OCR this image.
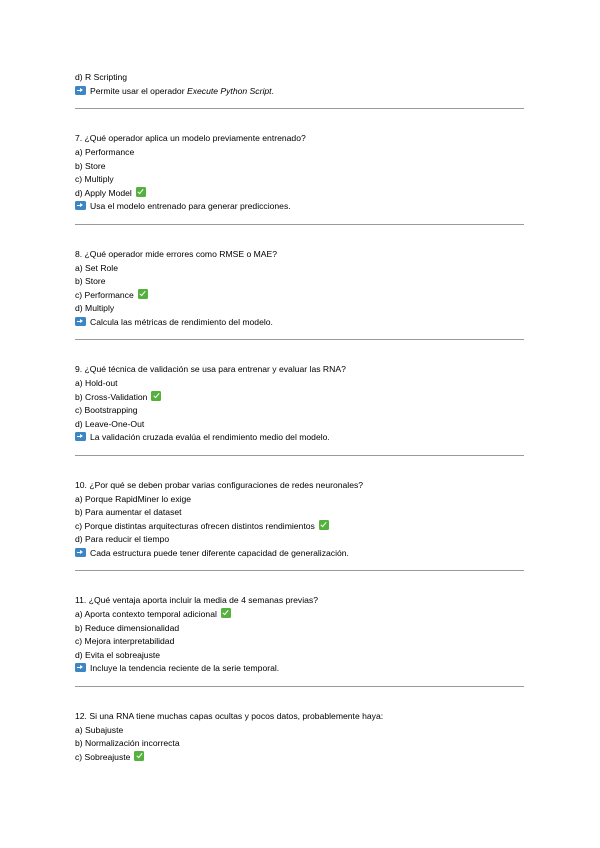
d) R Scripting
Permite usar el operador Execute Python Script.
7. ¿Qué operador aplica un modelo previamente entrenado?
a) Performance
b) Store
c) Multiply
d) Apply Model
Usa el modelo entrenado para generar predicciones.
8. ¿Qué operador mide errores como RMSE o MAE?
a) Set Role
b) Store
c) Performance
d) Multiply
Calcula las métricas de rendimiento del modelo.
9. ¿Qué técnica de validación se usa para entrenar y evaluar las RNA?
a) Hold-out
b) Cross-Validation
c) Bootstrapping
d) Leave-One-Out
La validación cruzada evalúa el rendimiento medio del modelo.
10. ¿Por qué se deben probar varias configuraciones de redes neuronales?
a) Porque RapidMiner lo exige
b) Para aumentar el dataset
c) Porque distintas arquitecturas ofrecen distintos rendimientos
d) Para reducir el tiempo
Cada estructura puede tener diferente capacidad de generalización.
11. ¿Qué ventaja aporta incluir la media de 4 semanas previas?
a) Aporta contexto temporal adicional
b) Reduce dimensionalidad
c) Mejora interpretabilidad
d) Evita el sobreajuste
Incluye la tendencia reciente de la serie temporal.
12. Si una RNA tiene muchas capas ocultas y pocos datos, probablemente haya:
a) Subajuste
b) Normalización incorrecta
c) Sobreajuste
